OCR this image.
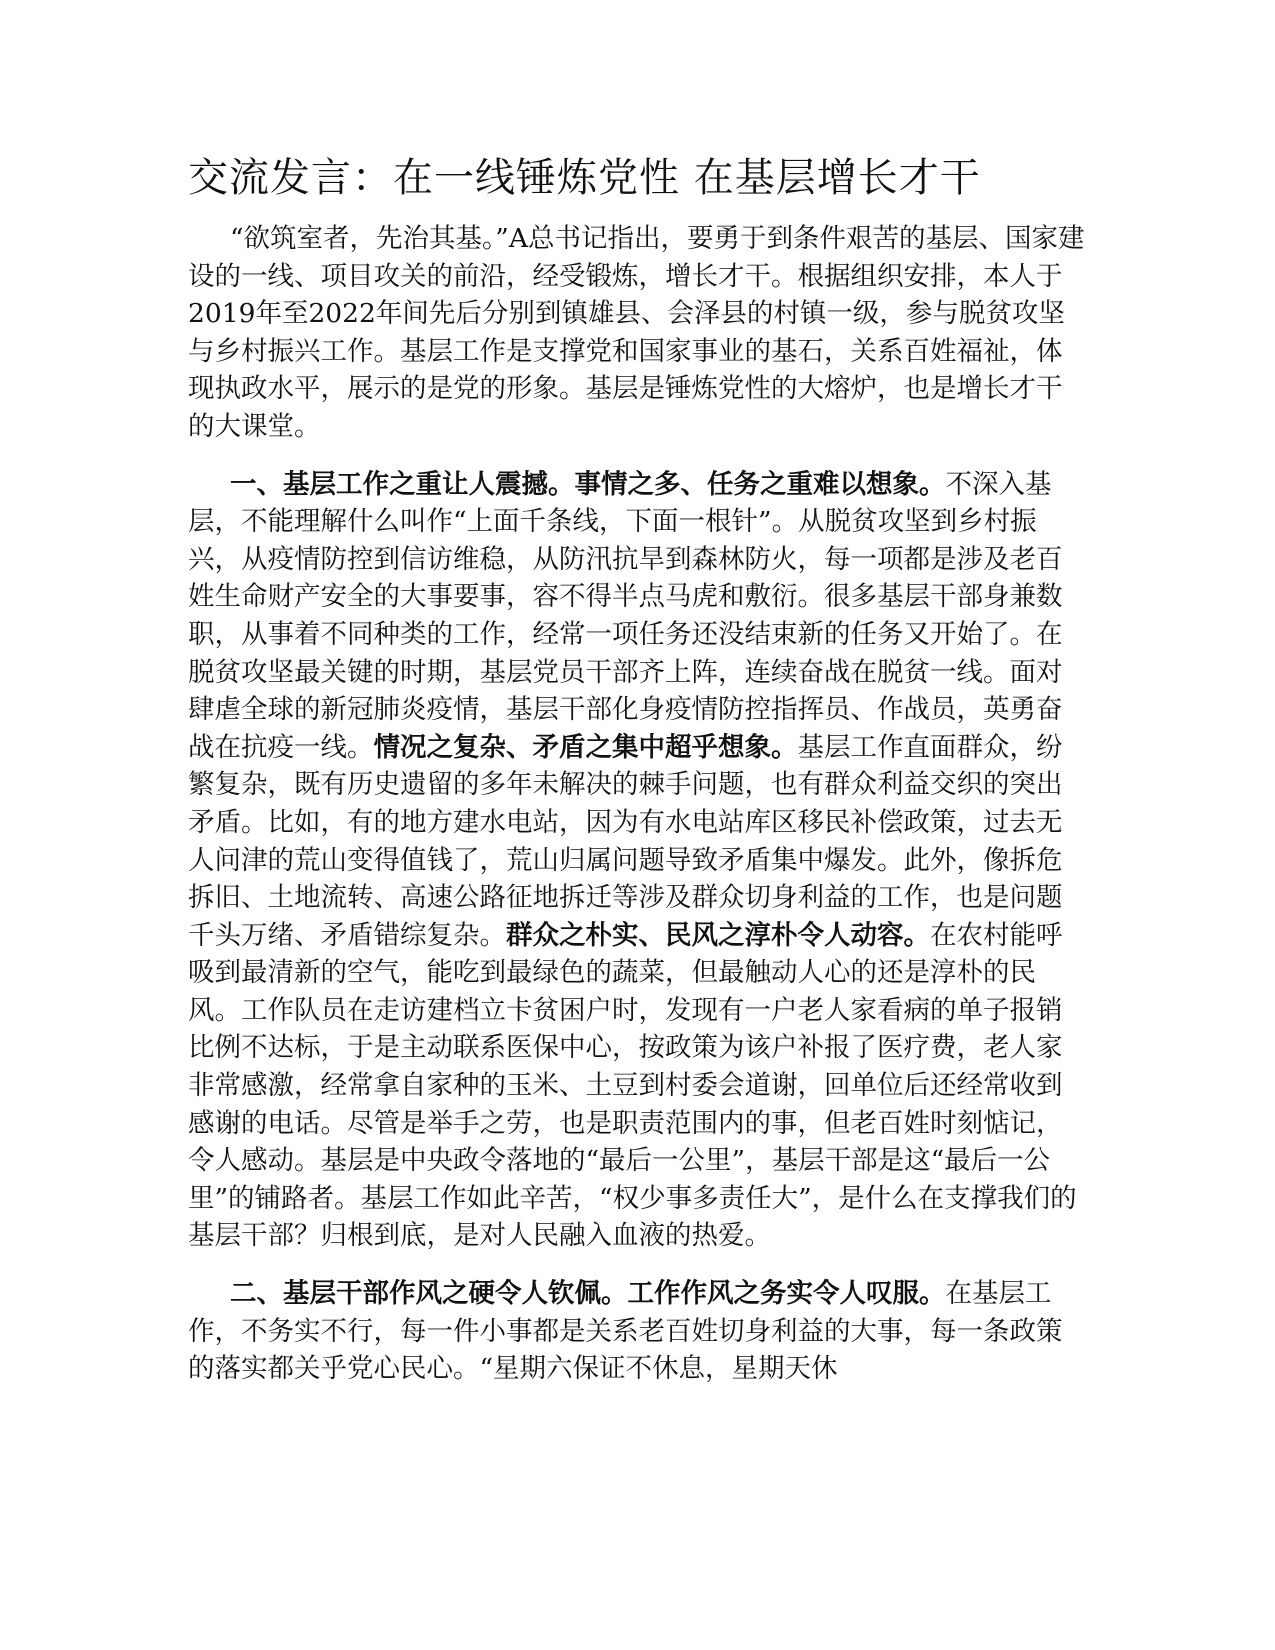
交流发言：在一线锤炼党性 在基层增长才干

“欲筑室者，先治其基。”A总书记指出，要勇于到条件艰苦的基层、国家建设的一线、项目攻关的前沿，经受锻炼，增长才干。根据组织安排，本人于2019年至2022年间先后分别到镇雄县、会泽县的村镇一级，参与脱贫攻坚与乡村振兴工作。基层工作是支撑党和国家事业的基石，关系百姓福祉，体现执政水平，展示的是党的形象。基层是锤炼党性的大熔炉，也是增长才干的大课堂。

一、基层工作之重让人震撼。事情之多、任务之重难以想象。不深入基层，不能理解什么叫作“上面千条线，下面一根针”。从脱贫攻坚到乡村振兴，从疫情防控到信访维稳，从防汛抗旱到森林防火，每一项都是涉及老百姓生命财产安全的大事要事，容不得半点马虎和敷衍。很多基层干部身兼数职，从事着不同种类的工作，经常一项任务还没结束新的任务又开始了。在脱贫攻坚最关键的时期，基层党员干部齐上阵，连续奋战在脱贫一线。面对肆虐全球的新冠肺炎疫情，基层干部化身疫情防控指挥员、作战员，英勇奋战在抗疫一线。情况之复杂、矛盾之集中超乎想象。基层工作直面群众，纷繁复杂，既有历史遗留的多年未解决的棘手问题，也有群众利益交织的突出矛盾。比如，有的地方建水电站，因为有水电站库区移民补偿政策，过去无人问津的荒山变得值钱了，荒山归属问题导致矛盾集中爆发。此外，像拆危拆旧、土地流转、高速公路征地拆迁等涉及群众切身利益的工作，也是问题千头万绪、矛盾错综复杂。群众之朴实、民风之淳朴令人动容。在农村能呼吸到最清新的空气，能吃到最绿色的蔬菜，但最触动人心的还是淳朴的民风。工作队员在走访建档立卡贫困户时，发现有一户老人家看病的单子报销比例不达标，于是主动联系医保中心，按政策为该户补报了医疗费，老人家非常感激，经常拿自家种的玉米、土豆到村委会道谢，回单位后还经常收到感谢的电话。尽管是举手之劳，也是职责范围内的事，但老百姓时刻惦记，令人感动。基层是中央政令落地的“最后一公里”，基层干部是这“最后一公里”的铺路者。基层工作如此辛苦，“权少事多责任大”，是什么在支撑我们的基层干部？归根到底，是对人民融入血液的热爱。

二、基层干部作风之硬令人钦佩。工作作风之务实令人叹服。在基层工作，不务实不行，每一件小事都是关系老百姓切身利益的大事，每一条政策的落实都关乎党心民心。“星期六保证不休息，星期天休
